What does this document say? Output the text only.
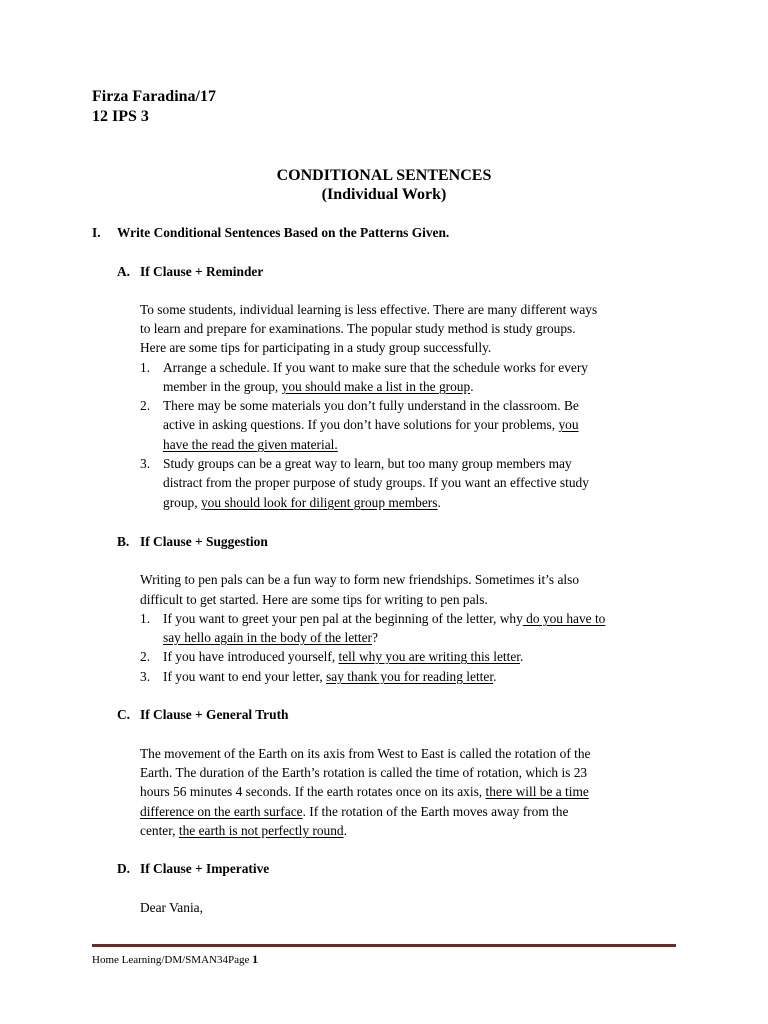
Firza Faradina/17
12 IPS 3
CONDITIONAL SENTENCES
(Individual Work)
I. Write Conditional Sentences Based on the Patterns Given.
A. If Clause + Reminder
To some students, individual learning is less effective. There are many different ways
to learn and prepare for examinations. The popular study method is study groups.
Here are some tips for participating in a study group successfully.
1. Arrange a schedule. If you want to make sure that the schedule works for every
member in the group, you should make a list in the group.
2. There may be some materials you don’t fully understand in the classroom. Be
active in asking questions. If you don’t have solutions for your problems, you
have the read the given material.
3. Study groups can be a great way to learn, but too many group members may
distract from the proper purpose of study groups. If you want an effective study
group, you should look for diligent group members.
B. If Clause + Suggestion
Writing to pen pals can be a fun way to form new friendships. Sometimes it’s also
difficult to get started. Here are some tips for writing to pen pals.
1. If you want to greet your pen pal at the beginning of the letter, why do you have to
say hello again in the body of the letter?
2. If you have introduced yourself, tell why you are writing this letter.
3. If you want to end your letter, say thank you for reading letter.
C. If Clause + General Truth
The movement of the Earth on its axis from West to East is called the rotation of the
Earth. The duration of the Earth’s rotation is called the time of rotation, which is 23
hours 56 minutes 4 seconds. If the earth rotates once on its axis, there will be a time
difference on the earth surface. If the rotation of the Earth moves away from the
center, the earth is not perfectly round.
D. If Clause + Imperative
Dear Vania,
Home Learning/DM/SMAN34Page 1
